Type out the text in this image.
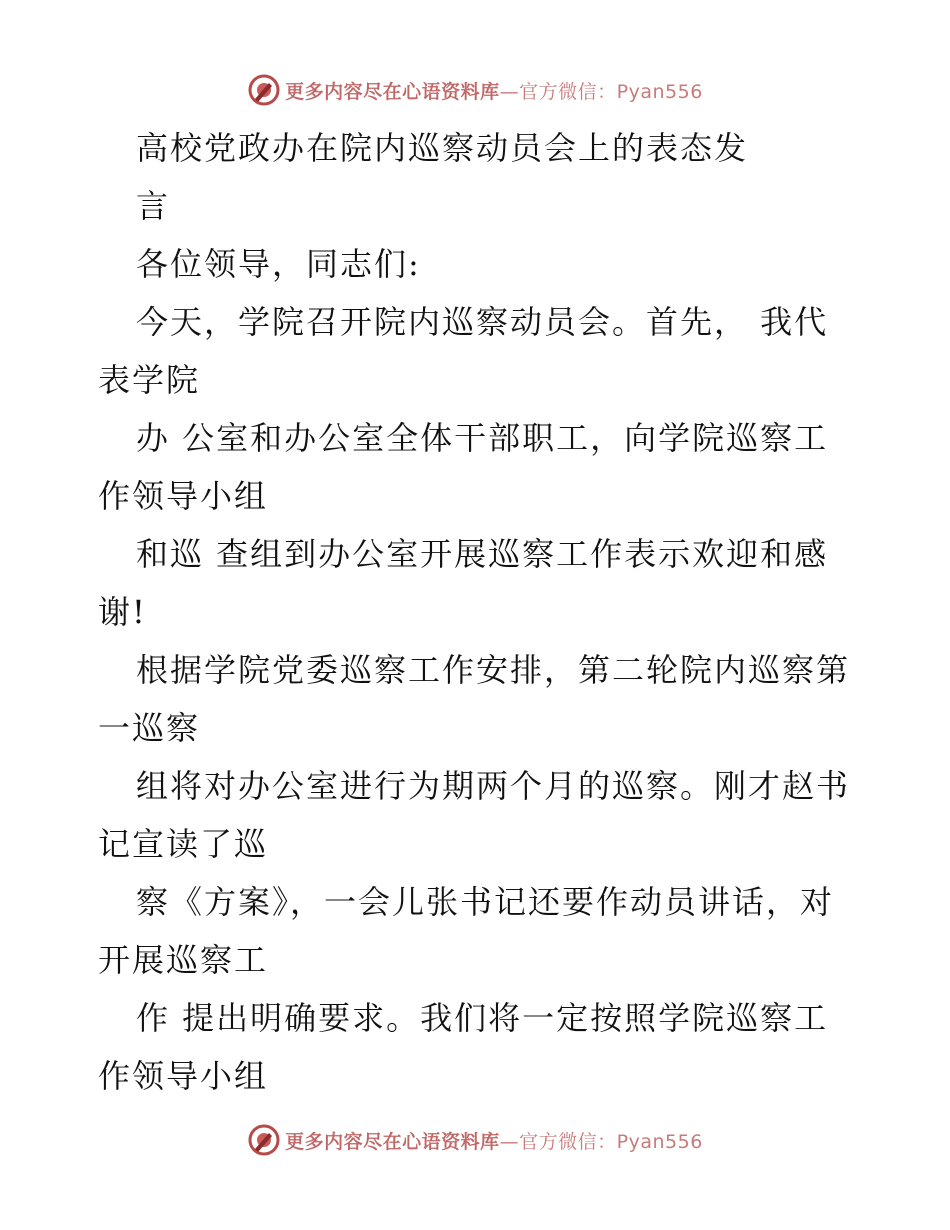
更多内容尽在心语资料库—官方微信：Pyan556
高校党政办在院内巡察动员会上的表态发
言
各位领导，同志们:
今天，学院召开院内巡察动员会。首先， 我代
表学院
办 公室和办公室全体干部职工，向学院巡察工
作领导小组
和巡 查组到办公室开展巡察工作表示欢迎和感
谢!
根据学院党委巡察工作安排，第二轮院内巡察第
一巡察
组将对办公室进行为期两个月的巡察。刚才赵书
记宣读了巡
察《方案》，一会儿张书记还要作动员讲话，对
开展巡察工
作 提出明确要求。我们将一定按照学院巡察工
作领导小组
更多内容尽在心语资料库—官方微信：Pyan556
